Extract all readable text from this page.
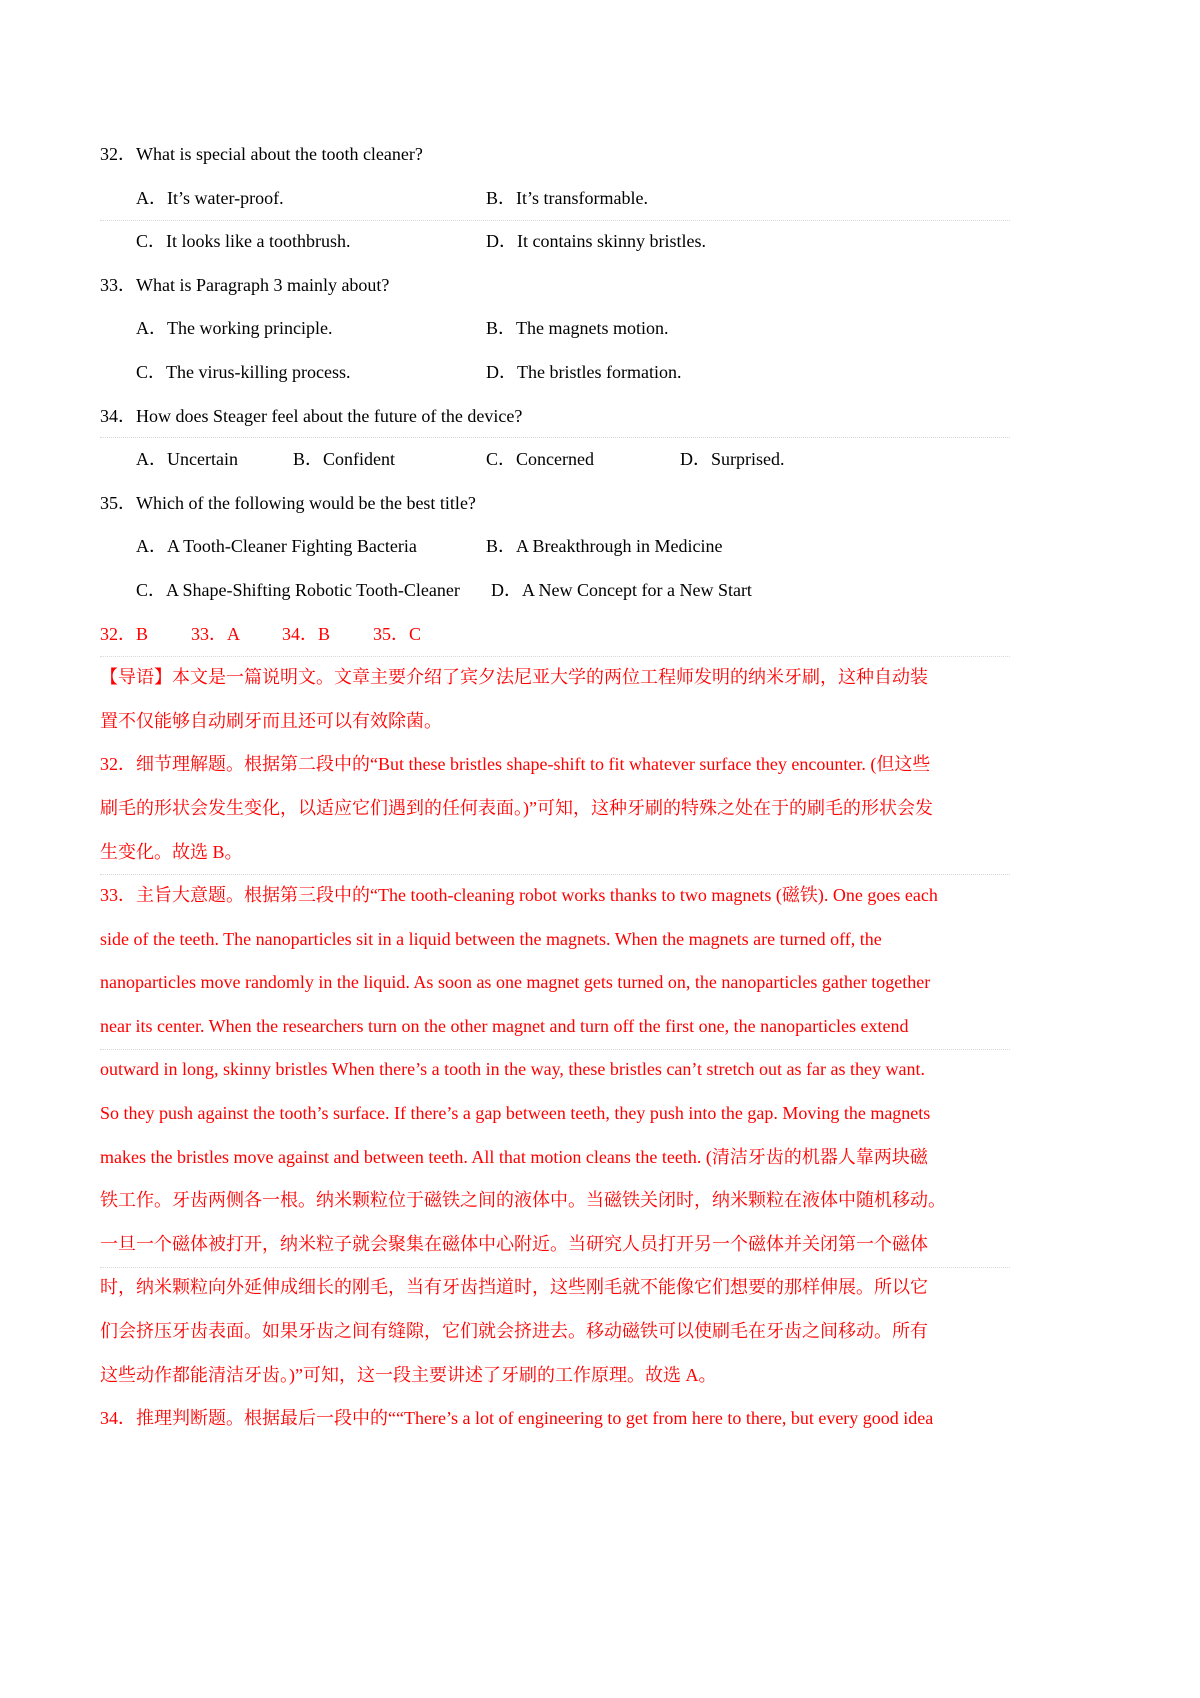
32．What is special about the tooth cleaner?
A．It’s water-proof.	B．It’s transformable.
C．It looks like a toothbrush.	D．It contains skinny bristles.
33．What is Paragraph 3 mainly about?
A．The working principle.	B．The magnets motion.
C．The virus-killing process.	D．The bristles formation.
34．How does Steager feel about the future of the device?
A．Uncertain	B．Confident	C．Concerned	D．Surprised.
35．Which of the following would be the best title?
A．A Tooth-Cleaner Fighting Bacteria	B．A Breakthrough in Medicine
C．A Shape-Shifting Robotic Tooth-Cleaner D．A New Concept for a New Start
32．B 33．A 34．B 35．C
【导语】本文是一篇说明文。文章主要介绍了宾夕法尼亚大学的两位工程师发明的纳米牙刷，这种自动装
置不仅能够自动刷牙而且还可以有效除菌。
32．细节理解题。根据第二段中的“But these bristles shape-shift to fit whatever surface they encounter. (但这些
刷毛的形状会发生变化，以适应它们遇到的任何表面。)”可知，这种牙刷的特殊之处在于的刷毛的形状会发
生变化。故选 B。
33．主旨大意题。根据第三段中的“The tooth-cleaning robot works thanks to two magnets (磁铁). One goes each
side of the teeth. The nanoparticles sit in a liquid between the magnets. When the magnets are turned off, the
nanoparticles move randomly in the liquid. As soon as one magnet gets turned on, the nanoparticles gather together
near its center. When the researchers turn on the other magnet and turn off the first one, the nanoparticles extend
outward in long, skinny bristles When there’s a tooth in the way, these bristles can’t stretch out as far as they want.
So they push against the tooth’s surface. If there’s a gap between teeth, they push into the gap. Moving the magnets
makes the bristles move against and between teeth. All that motion cleans the teeth. (清洁牙齿的机器人靠两块磁
铁工作。牙齿两侧各一根。纳米颗粒位于磁铁之间的液体中。当磁铁关闭时，纳米颗粒在液体中随机移动。
一旦一个磁体被打开，纳米粒子就会聚集在磁体中心附近。当研究人员打开另一个磁体并关闭第一个磁体
时，纳米颗粒向外延伸成细长的刚毛，当有牙齿挡道时，这些刚毛就不能像它们想要的那样伸展。所以它
们会挤压牙齿表面。如果牙齿之间有缝隙，它们就会挤进去。移动磁铁可以使刷毛在牙齿之间移动。所有
这些动作都能清洁牙齿。)”可知，这一段主要讲述了牙刷的工作原理。故选 A。
34．推理判断题。根据最后一段中的““There’s a lot of engineering to get from here to there, but every good idea
